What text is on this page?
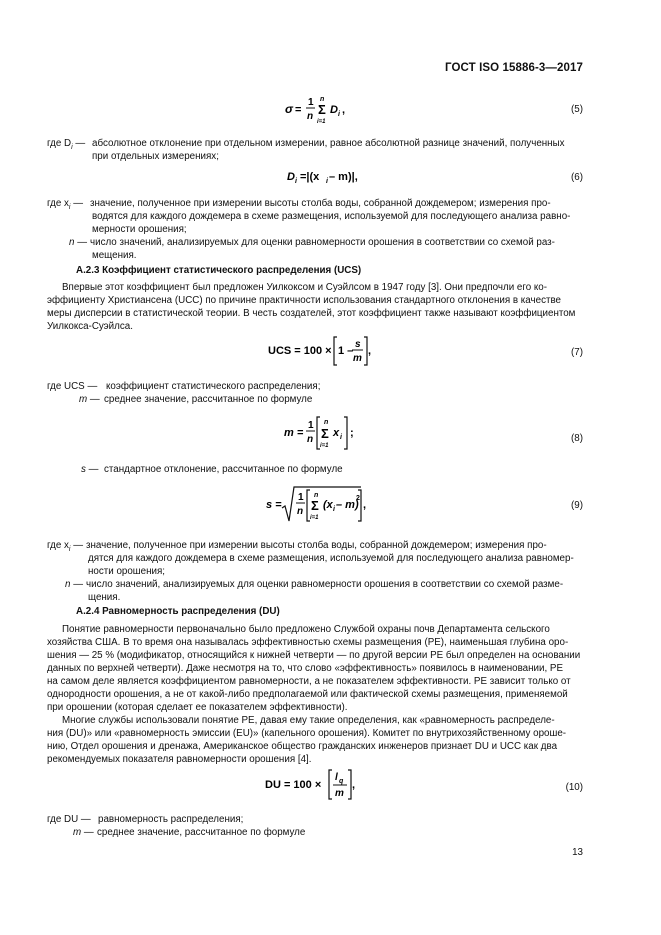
ГОСТ ISO 15886-3—2017
σ =
1
n
n
Σ
i=1
D i ,	(5)
где $D_i$ — абсолютное отклонение при отдельном измерении, равное абсолютной разнице значений, полученных
при отдельных измерениях;
D i =|(x i – m)|,	(6)
где $x_i$ — значение, полученное при измерении высоты столба воды, собранной дождемером; измерения про-
водятся для каждого дождемера в схеме размещения, используемой для последующего анализа равно-
мерности орошения;
n — число значений, анализируемых для оценки равномерности орошения в соответствии со схемой раз-
мещения.
A.2.3 Коэффициент статистического распределения (UCS)
Впервые этот коэффициент был предложен Уилкоксом и Суэйлсом в 1947 году [3]. Они предпочли его ко-
эффициенту Христиансена (UCC) по причине практичности использования стандартного отклонения в качестве
меры дисперсии в статистической теории. В честь создателей, этот коэффициент также называют коэффициентом
Уилкокса-Суэйлса.
UCS = 100 × 1 –
s
m
,	(7)
где UCS — коэффициент статистического распределения;
m — среднее значение, рассчитанное по формуле
m =
1
n
n
Σ
i=1
x i ;	(8)
s — стандартное отклонение, рассчитанное по формуле
s =
1
n
n
Σ
i=1
(x i – m)
2
,	(9)
где $x_i$ — значение, полученное при измерении высоты столба воды, собранной дождемером; измерения про-
дятся для каждого дождемера в схеме размещения, используемой для последующего анализа равномер-
ности орошения;
n — число значений, анализируемых для оценки равномерности орошения в соответствии со схемой разме-
щения.
A.2.4 Равномерность распределения (DU)
Понятие равномерности первоначально было предложено Службой охраны почв Департамента сельского
хозяйства США. В то время она называлась эффективностью схемы размещения (PE), наименьшая глубина оро-
шения — 25 % (модификатор, относящийся к нижней четверти — по другой версии PE был определен на основании
данных по верхней четверти). Даже несмотря на то, что слово «эффективность» появилось в наименовании, PE
на самом деле является коэффициентом равномерности, а не показателем эффективности. PE зависит только от
однородности орошения, а не от какой-либо предполагаемой или фактической схемы размещения, применяемой
при орошении (которая сделает ее показателем эффективности).
Многие службы использовали понятие PE, давая ему такие определения, как «равномерность распределе-
ния (DU)» или «равномерность эмиссии (EU)» (капельного орошения). Комитет по внутрихозяйственному ороше-
нию, Отдел орошения и дренажа, Американское общество гражданских инженеров признает DU и UCC как два
рекомендуемых показателя равномерности орошения [4].
DU = 100 ×
l q
m
,	(10)
где DU — равномерность распределения;
m — среднее значение, рассчитанное по формуле
13
